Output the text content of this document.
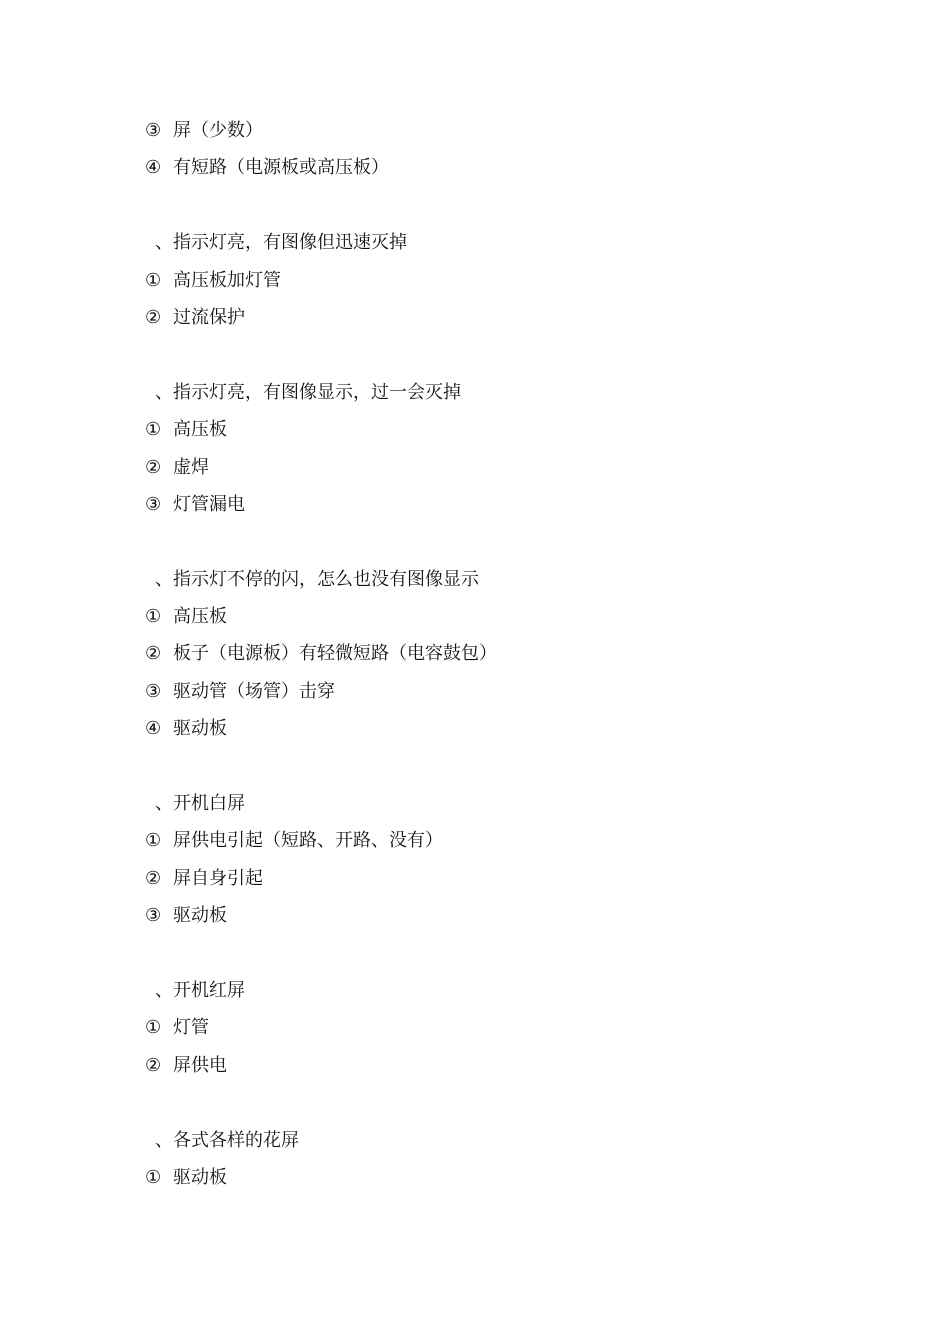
③ 屏（少数）
④ 有短路（电源板或高压板）
、 指示灯亮，有图像但迅速灭掉
① 高压板加灯管
② 过流保护
、 指示灯亮，有图像显示，过一会灭掉
① 高压板
② 虚焊
③ 灯管漏电
、 指示灯不停的闪，怎么也没有图像显示
① 高压板
② 板子（电源板）有轻微短路（电容鼓包）
③ 驱动管（场管）击穿
④ 驱动板
、 开机白屏
① 屏供电引起（短路、开路、没有）
② 屏自身引起
③ 驱动板
、 开机红屏
① 灯管
② 屏供电
、 各式各样的花屏
① 驱动板
